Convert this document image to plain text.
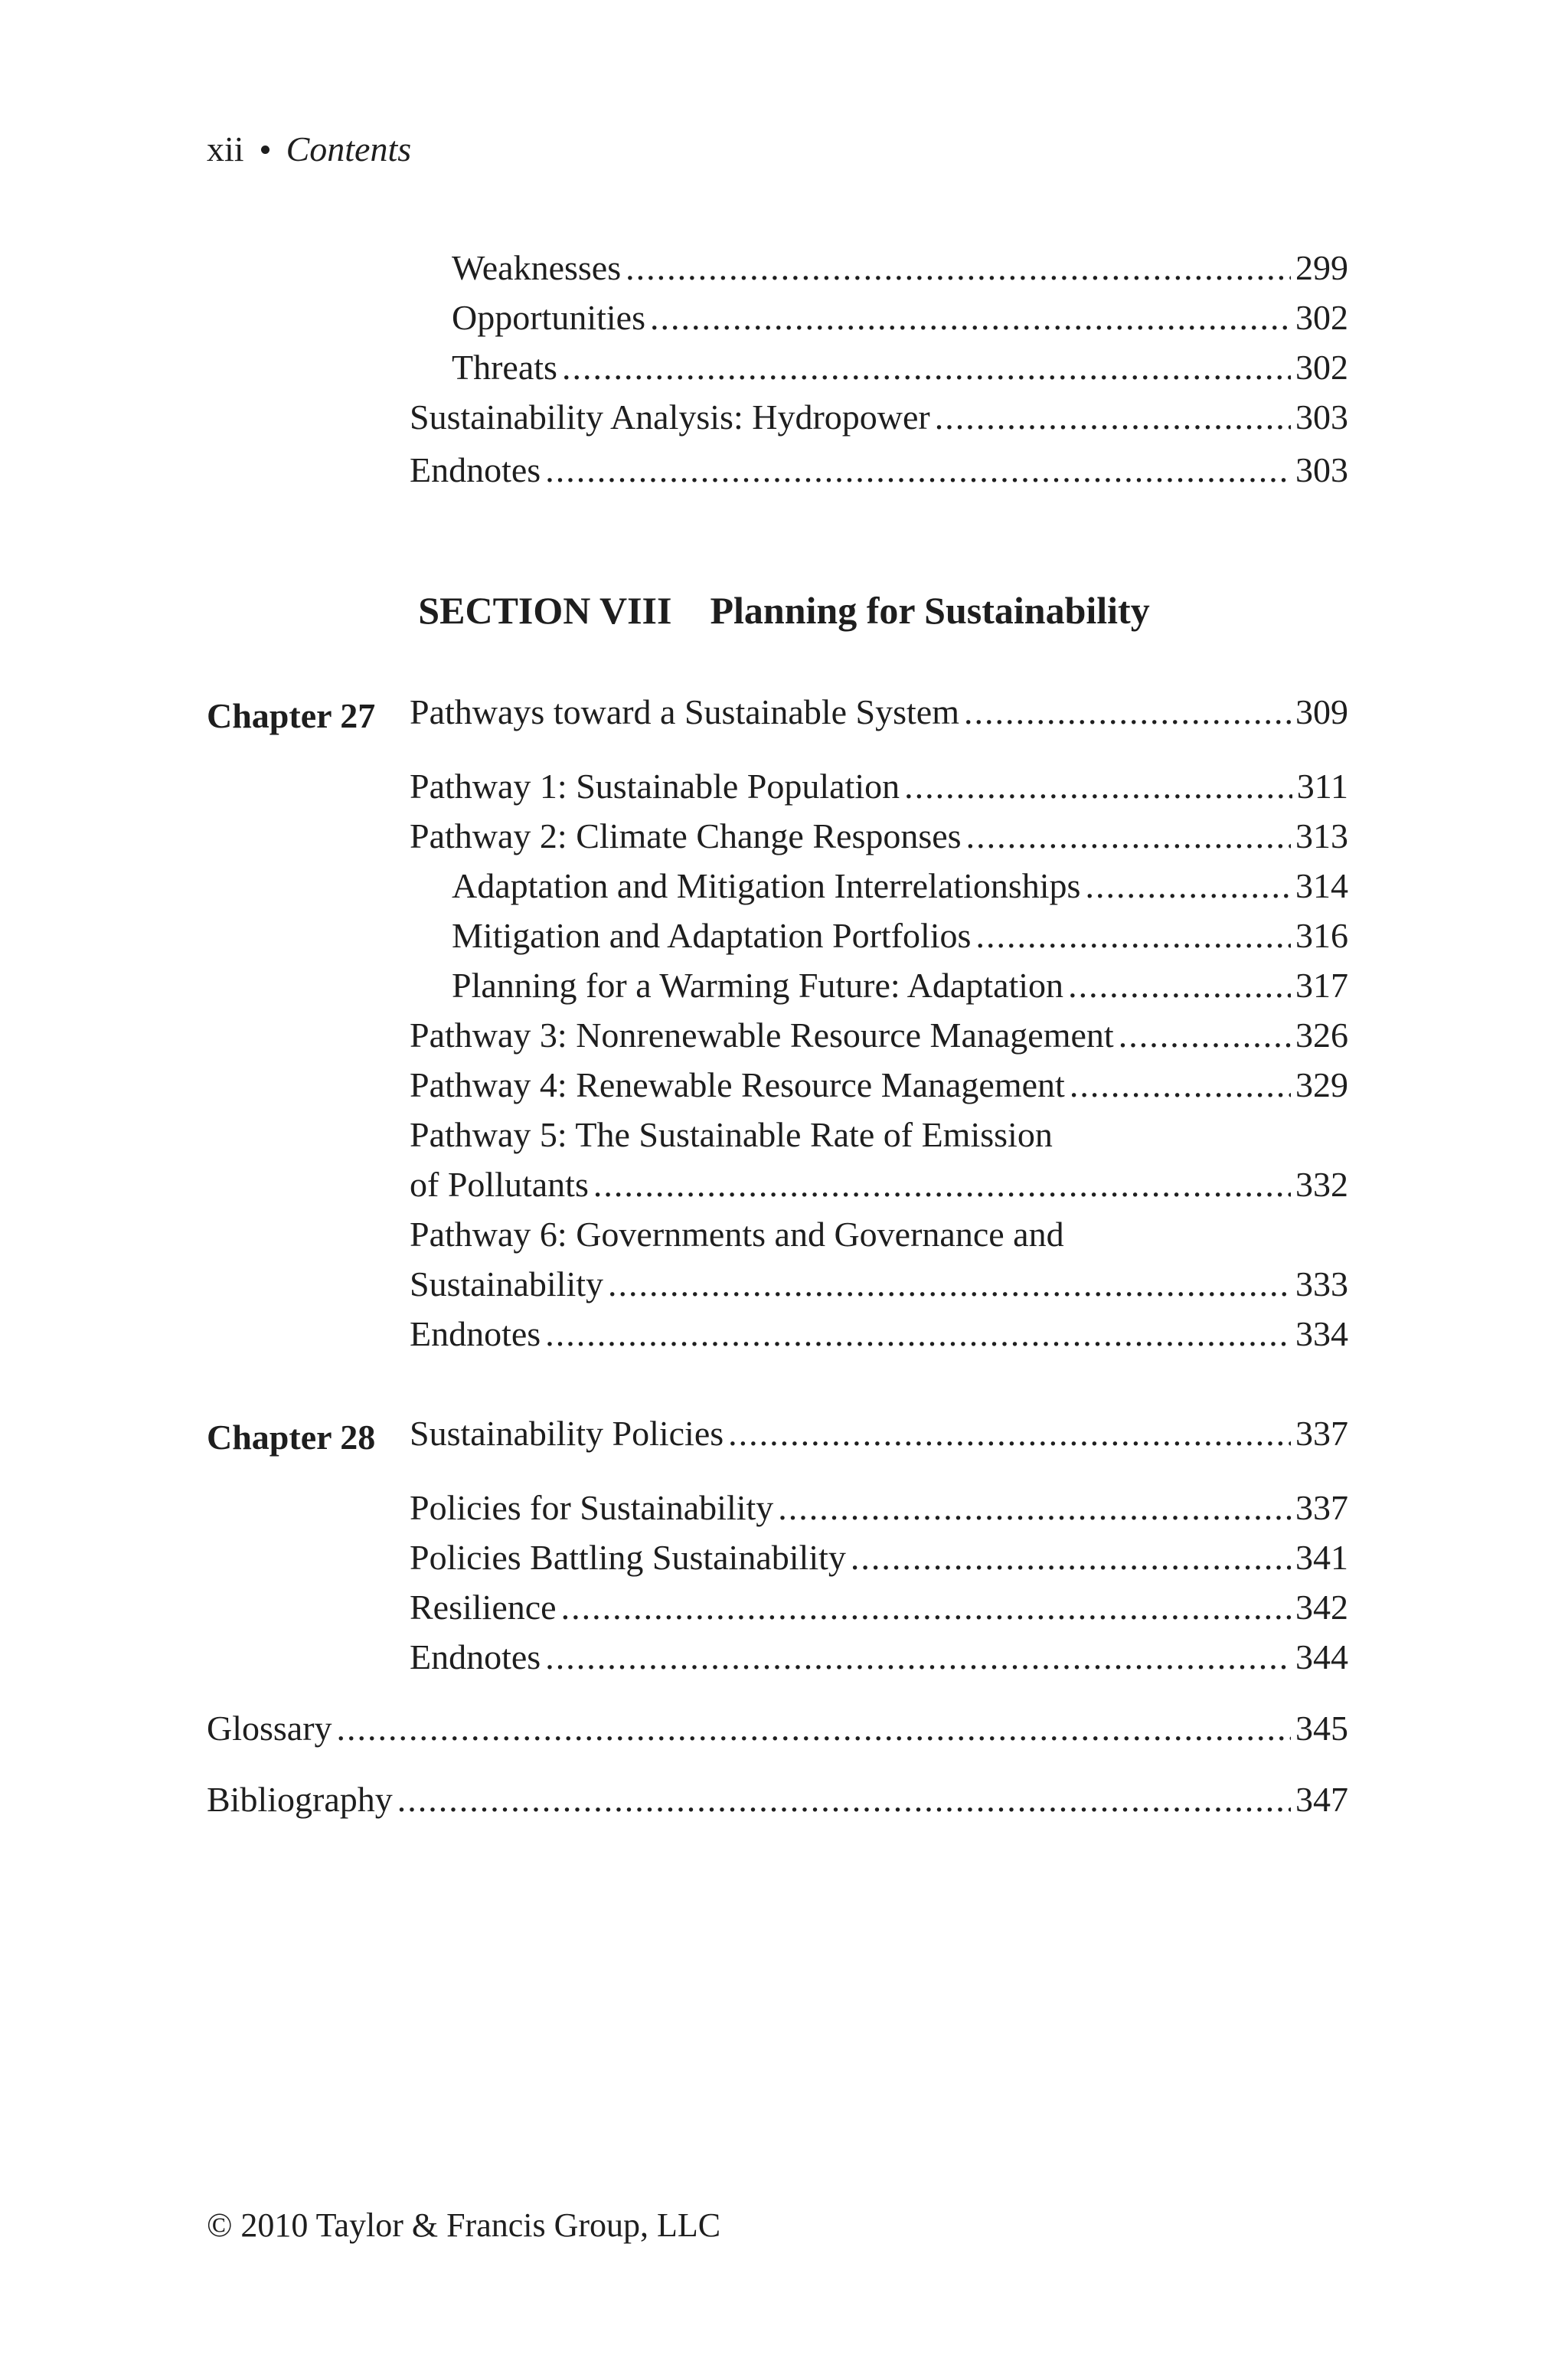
xii Contents
Weaknesses .....	299
Opportunities .....	302
Threats .....	302
Sustainability Analysis: Hydropower .....	303
Endnotes .....	303
SECTION VIII Planning for Sustainability
Chapter 27 Pathways toward a Sustainable System .....	309
Pathway 1: Sustainable Population .....	311
Pathway 2: Climate Change Responses .....	313
Adaptation and Mitigation Interrelationships .....	314
Mitigation and Adaptation Portfolios .....	316
Planning for a Warming Future: Adaptation .....	317
Pathway 3: Nonrenewable Resource Management .....	326
Pathway 4: Renewable Resource Management .....	329
Pathway 5: The Sustainable Rate of Emission
of Pollutants .....	332
Pathway 6: Governments and Governance and
Sustainability .....	333
Endnotes .....	334
Chapter 28 Sustainability Policies .....	337
Policies for Sustainability .....	337
Policies Battling Sustainability .....	341
Resilience .....	342
Endnotes .....	344
Glossary .....	345
Bibliography .....	347
© 2010 Taylor & Francis Group, LLC
